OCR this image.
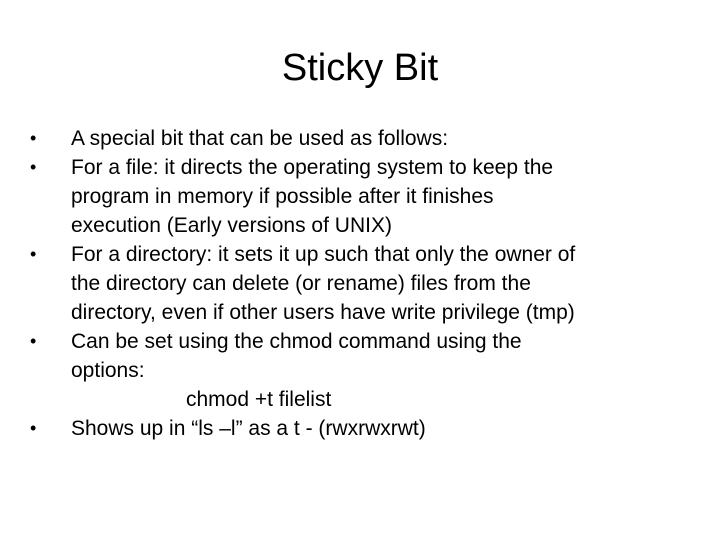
Sticky Bit
•	A special bit that can be used as follows:
•	For a file: it directs the operating system to keep the
program in memory if possible after it finishes
execution (Early versions of UNIX)
•	For a directory: it sets it up such that only the owner of
the directory can delete (or rename) files from the
directory, even if other users have write privilege (tmp)
•	Can be set using the chmod command using the
options:
chmod +t filelist
•	Shows up in “ls –l” as a t - (rwxrwxrwt)
